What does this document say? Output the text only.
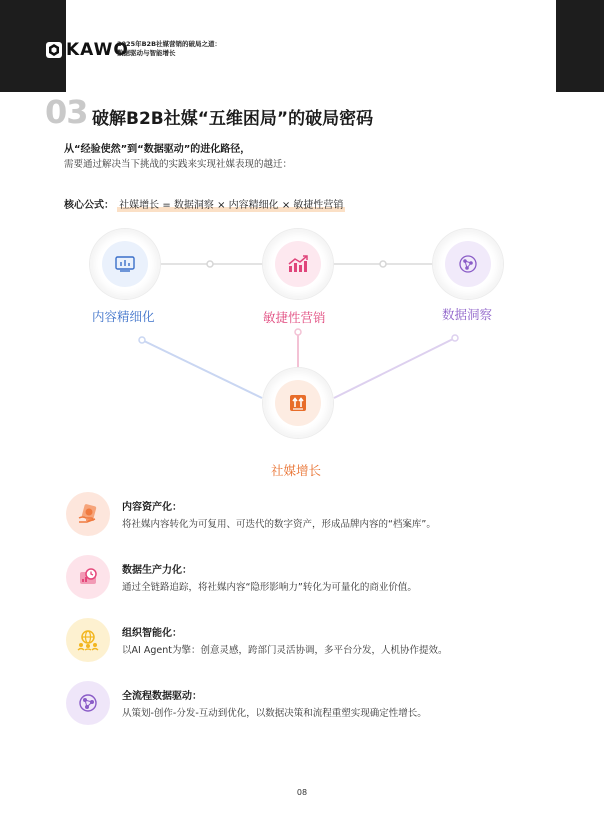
KAWO
2025年B2B社媒营销的破局之道：
数据驱动与智能增长
03 破解B2B社媒“五维困局”的破局密码
从“经验使然”到“数据驱动”的进化路径，
需要通过解决当下挑战的实践来实现社媒表现的越迁：
核心公式： 社媒增长 = 数据洞察 × 内容精细化 × 敏捷性营销
内容精细化	敏捷性营销	数据洞察
社媒增长
内容资产化：
将社媒内容转化为可复用、可迭代的数字资产，形成品牌内容的“档案库”。
数据生产力化：
通过全链路追踪，将社媒内容“隐形影响力”转化为可量化的商业价值。
组织智能化：
以AI Agent为擎：创意灵感，跨部门灵活协调，多平台分发，人机协作提效。
全流程数据驱动：
从策划-创作-分发-互动到优化，以数据决策和流程重塑实现确定性增长。
08
